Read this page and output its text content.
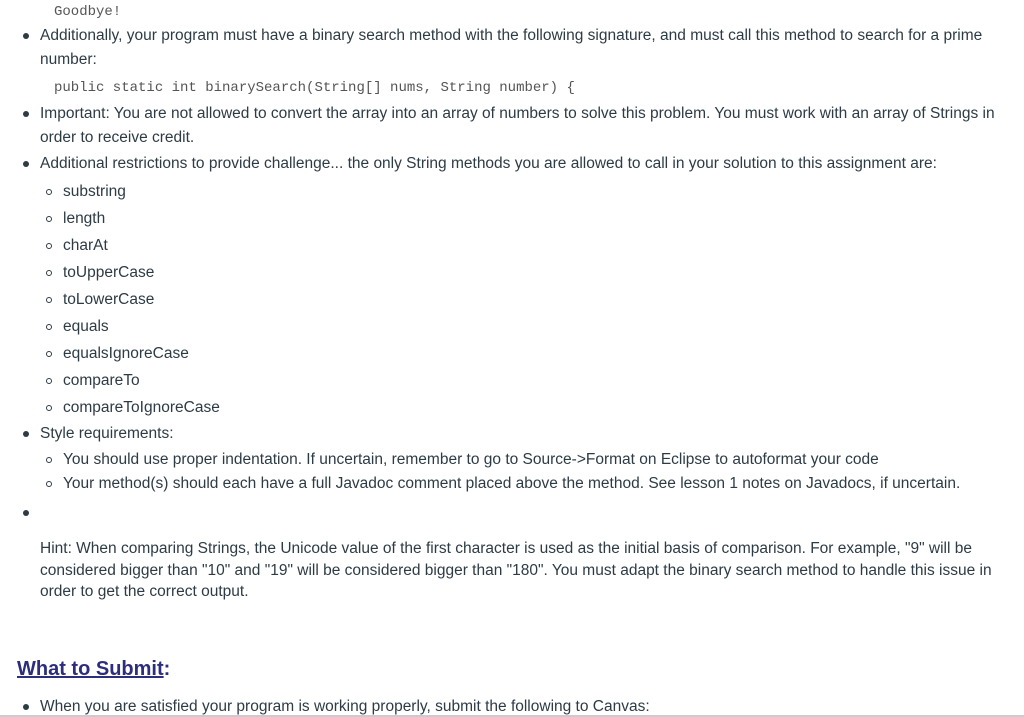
Goodbye!
Additionally, your program must have a binary search method with the following signature, and must call this method to search for a prime number:
public static int binarySearch(String[] nums, String number) {
Important: You are not allowed to convert the array into an array of numbers to solve this problem. You must work with an array of Strings in order to receive credit.
Additional restrictions to provide challenge... the only String methods you are allowed to call in your solution to this assignment are:
substring
length
charAt
toUpperCase
toLowerCase
equals
equalsIgnoreCase
compareTo
compareToIgnoreCase
Style requirements:
You should use proper indentation. If uncertain, remember to go to Source->Format on Eclipse to autoformat your code
Your method(s) should each have a full Javadoc comment placed above the method. See lesson 1 notes on Javadocs, if uncertain.

Hint: When comparing Strings, the Unicode value of the first character is used as the initial basis of comparison. For example, "9" will be considered bigger than "10" and "19" will be considered bigger than "180". You must adapt the binary search method to handle this issue in order to get the correct output.

What to Submit:
When you are satisfied your program is working properly, submit the following to Canvas:
